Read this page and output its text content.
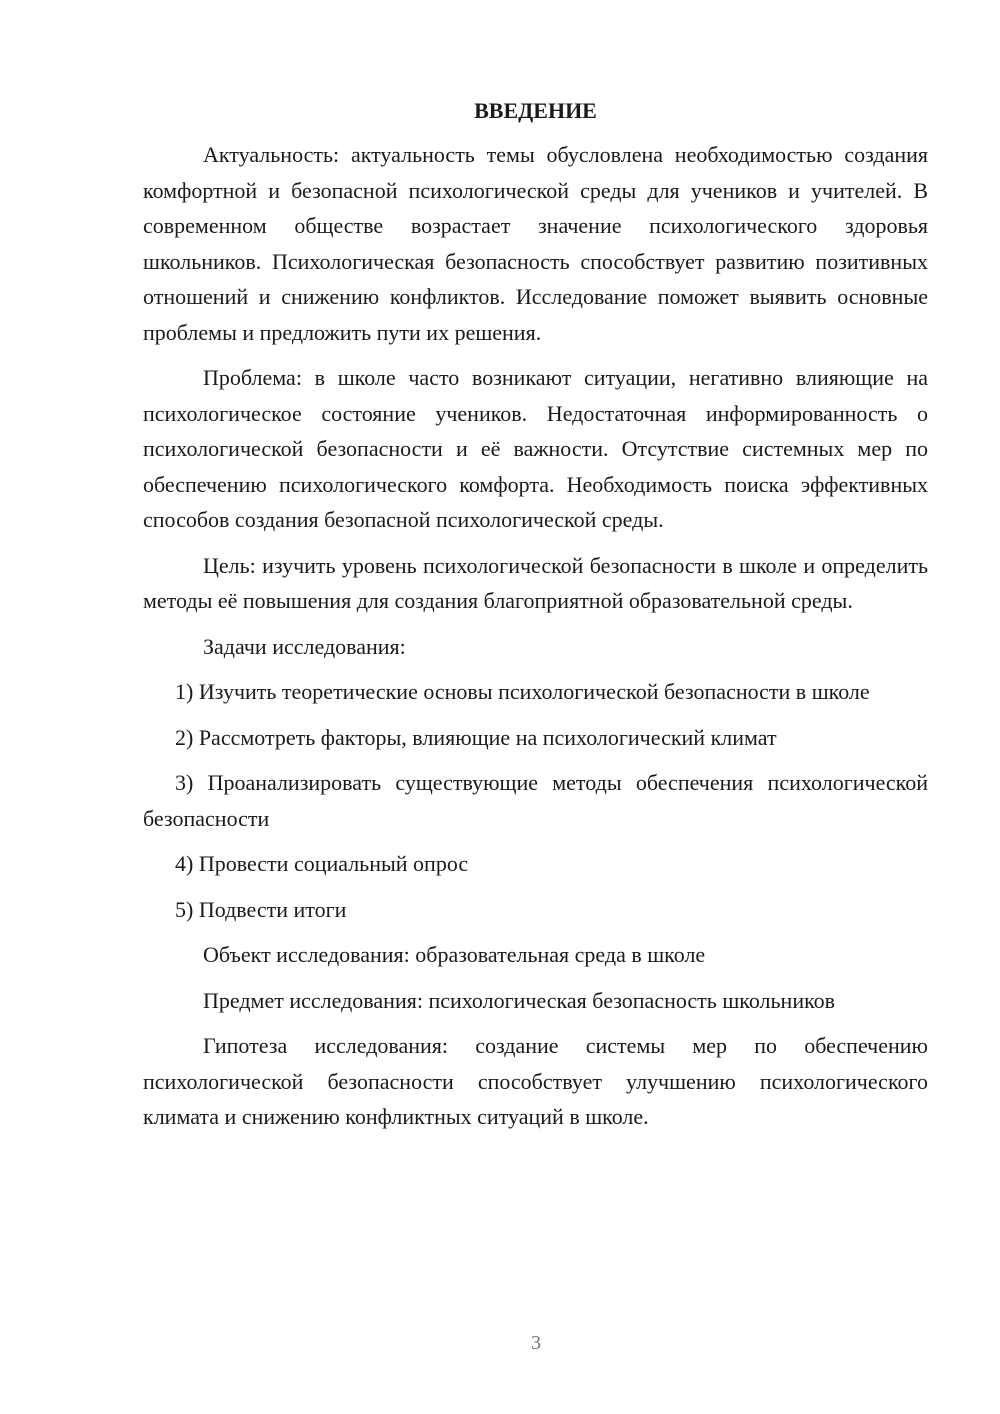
ВВЕДЕНИЕ

Актуальность: актуальность темы обусловлена необходимостью создания комфортной и безопасной психологической среды для учеников и учителей. В современном обществе возрастает значение психологического здоровья школьников. Психологическая безопасность способствует развитию позитивных отношений и снижению конфликтов. Исследование поможет выявить основные проблемы и предложить пути их решения.

Проблема: в школе часто возникают ситуации, негативно влияющие на психологическое состояние учеников. Недостаточная информированность о психологической безопасности и её важности. Отсутствие системных мер по обеспечению психологического комфорта. Необходимость поиска эффективных способов создания безопасной психологической среды.

Цель: изучить уровень психологической безопасности в школе и определить методы её повышения для создания благоприятной образовательной среды.

Задачи исследования:

1) Изучить теоретические основы психологической безопасности в школе

2) Рассмотреть факторы, влияющие на психологический климат

3) Проанализировать существующие методы обеспечения психологической безопасности

4) Провести социальный опрос

5) Подвести итоги

Объект исследования: образовательная среда в школе

Предмет исследования: психологическая безопасность школьников

Гипотеза исследования: создание системы мер по обеспечению психологической безопасности способствует улучшению психологического климата и снижению конфликтных ситуаций в школе.

3
